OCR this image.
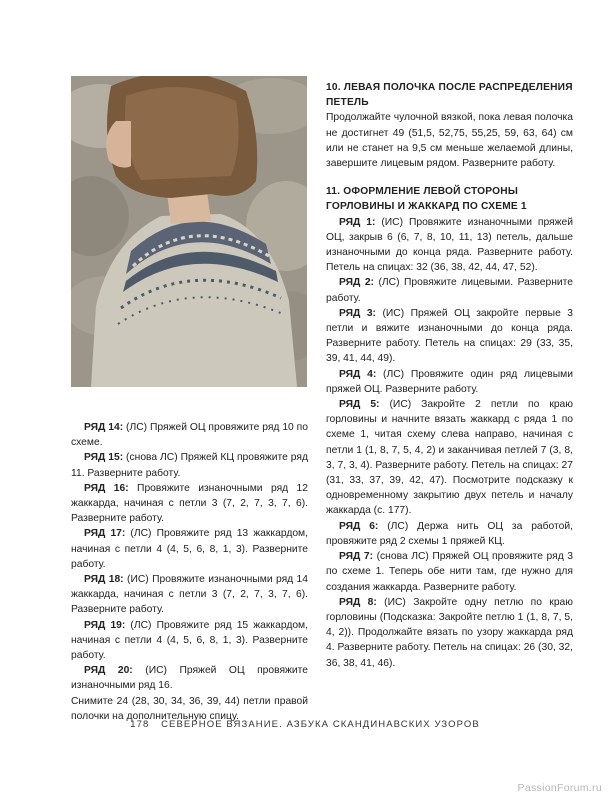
РЯД 14: (ЛС) Пряжей ОЦ провяжите ряд 10 по схеме.

РЯД 15: (снова ЛС) Пряжей КЦ провяжите ряд 11. Разверните работу.

РЯД 16: Провяжите изнаночными ряд 12 жаккарда, начиная с петли 3 (7, 2, 7, 3, 7, 6). Разверните работу.

РЯД 17: (ЛС) Провяжите ряд 13 жаккардом, начиная с петли 4 (4, 5, 6, 8, 1, 3). Разверните работу.

РЯД 18: (ИС) Провяжите изнаночными ряд 14 жаккарда, начиная с петли 3 (7, 2, 7, 3, 7, 6). Разверните работу.

РЯД 19: (ЛС) Провяжите ряд 15 жаккардом, начиная с петли 4 (4, 5, 6, 8, 1, 3). Разверните работу.

РЯД 20: (ИС) Пряжей ОЦ провяжите изнаночными ряд 16.

Снимите 24 (28, 30, 34, 36, 39, 44) петли правой полочки на дополнительную спицу.

10. ЛЕВАЯ ПОЛОЧКА ПОСЛЕ РАСПРЕДЕЛЕНИЯ ПЕТЕЛЬ

Продолжайте чулочной вязкой, пока левая полочка не достигнет 49 (51,5, 52,75, 55,25, 59, 63, 64) см или не станет на 9,5 см меньше желаемой длины, завершите лицевым рядом. Разверните работу.

11. ОФОРМЛЕНИЕ ЛЕВОЙ СТОРОНЫ ГОРЛОВИНЫ И ЖАККАРД ПО СХЕМЕ 1

РЯД 1: (ИС) Провяжите изнаночными пряжей ОЦ, закрыв 6 (6, 7, 8, 10, 11, 13) петель, дальше изнаночными до конца ряда. Разверните работу. Петель на спицах: 32 (36, 38, 42, 44, 47, 52).

РЯД 2: (ЛС) Провяжите лицевыми. Разверните работу.

РЯД 3: (ИС) Пряжей ОЦ закройте первые 3 петли и вяжите изнаночными до конца ряда. Разверните работу. Петель на спицах: 29 (33, 35, 39, 41, 44, 49).

РЯД 4: (ЛС) Провяжите один ряд лицевыми пряжей ОЦ. Разверните работу.

РЯД 5: (ИС) Закройте 2 петли по краю горловины и начните вязать жаккард с ряда 1 по схеме 1, читая схему слева направо, начиная с петли 1 (1, 8, 7, 5, 4, 2) и заканчивая петлей 7 (3, 8, 3, 7, 3, 4). Разверните работу. Петель на спицах: 27 (31, 33, 37, 39, 42, 47). Посмотрите подсказку к одновременному закрытию двух петель и началу жаккарда (с. 177).

РЯД 6: (ЛС) Держа нить ОЦ за работой, провяжите ряд 2 схемы 1 пряжей КЦ.

РЯД 7: (снова ЛС) Пряжей ОЦ провяжите ряд 3 по схеме 1. Теперь обе нити там, где нужно для создания жаккарда. Разверните работу.

РЯД 8: (ИС) Закройте одну петлю по краю горловины (Подсказка: Закройте петлю 1 (1, 8, 7, 5, 4, 2)). Продолжайте вязать по узору жаккарда ряд 4. Разверните работу. Петель на спицах: 26 (30, 32, 36, 38, 41, 46).

178 СЕВЕРНОЕ ВЯЗАНИЕ. АЗБУКА СКАНДИНАВСКИХ УЗОРОВ
PassionForum.ru
